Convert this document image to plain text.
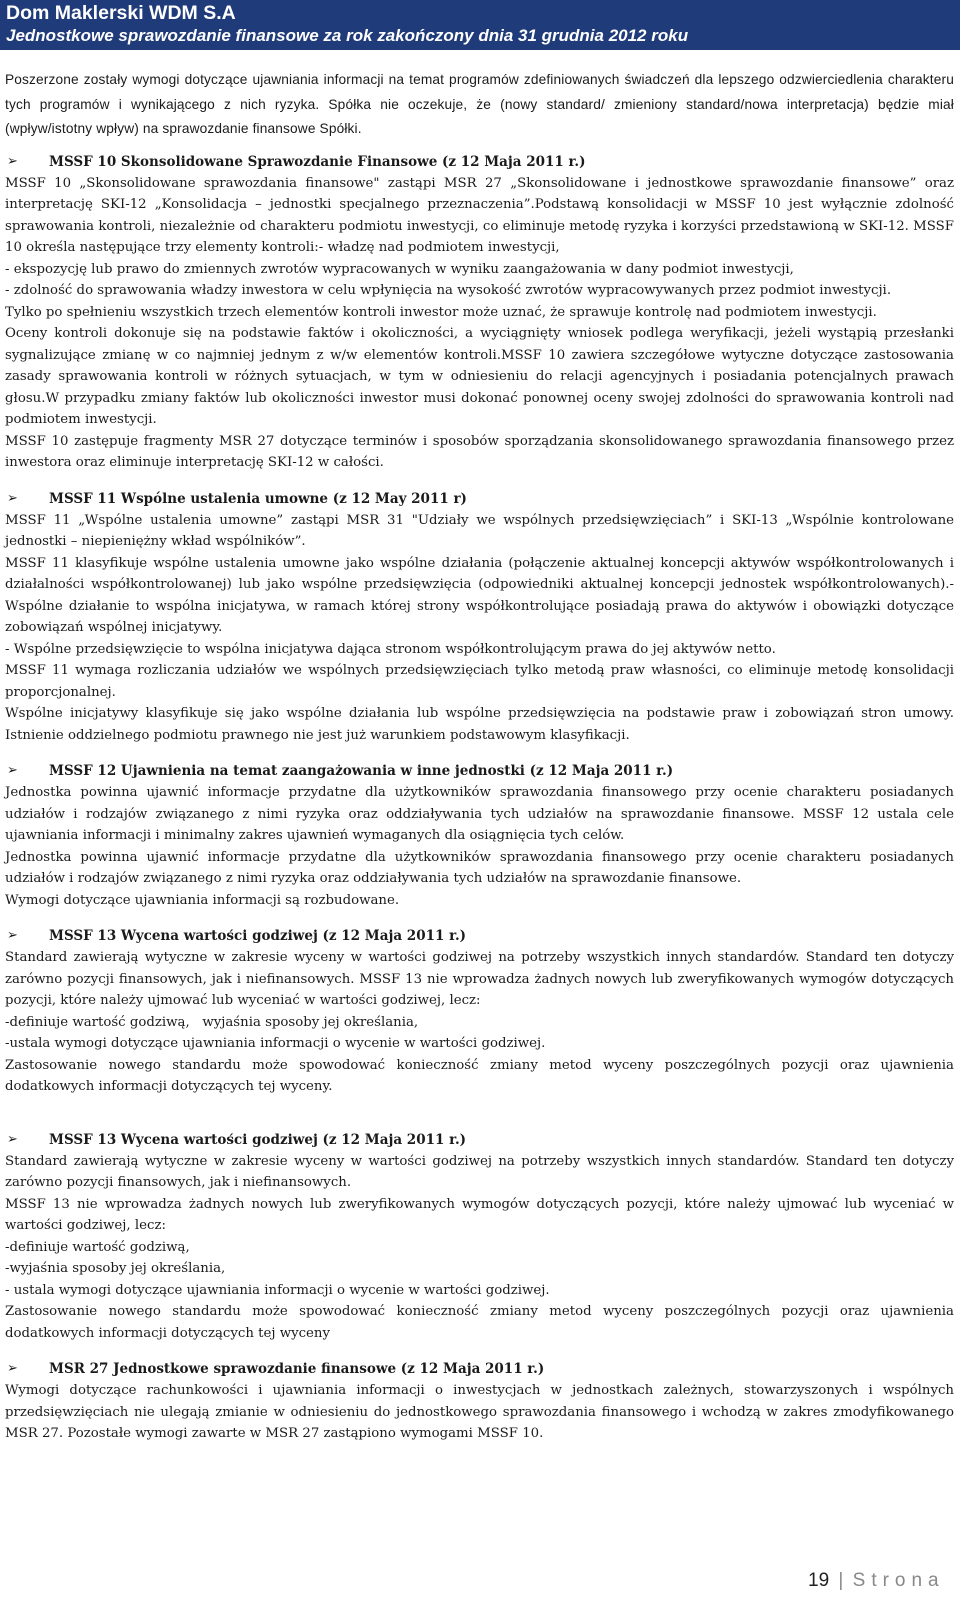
Dom Maklerski WDM S.A
Jednostkowe sprawozdanie finansowe za rok zakończony dnia 31 grudnia 2012 roku

Poszerzone zostały wymogi dotyczące ujawniania informacji na temat programów zdefiniowanych świadczeń dla lepszego odzwierciedlenia charakteru tych programów i wynikającego z nich ryzyka. Spółka nie oczekuje, że (nowy standard/ zmieniony standard/nowa interpretacja) będzie miał (wpływ/istotny wpływ) na sprawozdanie finansowe Spółki.

➢ MSSF 10 Skonsolidowane Sprawozdanie Finansowe (z 12 Maja 2011 r.)

MSSF 10 „Skonsolidowane sprawozdania finansowe" zastąpi MSR 27 „Skonsolidowane i jednostkowe sprawozdanie finansowe” oraz interpretację SKI-12 „Konsolidacja – jednostki specjalnego przeznaczenia”.Podstawą konsolidacji w MSSF 10 jest wyłącznie zdolność sprawowania kontroli, niezależnie od charakteru podmiotu inwestycji, co eliminuje metodę ryzyka i korzyści przedstawioną w SKI-12. MSSF 10 określa następujące trzy elementy kontroli:- władzę nad podmiotem inwestycji,

- ekspozycję lub prawo do zmiennych zwrotów wypracowanych w wyniku zaangażowania w dany podmiot inwestycji,

- zdolność do sprawowania władzy inwestora w celu wpłynięcia na wysokość zwrotów wypracowywanych przez podmiot inwestycji.

Tylko po spełnieniu wszystkich trzech elementów kontroli inwestor może uznać, że sprawuje kontrolę nad podmiotem inwestycji.

Oceny kontroli dokonuje się na podstawie faktów i okoliczności, a wyciągnięty wniosek podlega weryfikacji, jeżeli wystąpią przesłanki sygnalizujące zmianę w co najmniej jednym z w/w elementów kontroli.MSSF 10 zawiera szczegółowe wytyczne dotyczące zastosowania zasady sprawowania kontroli w różnych sytuacjach, w tym w odniesieniu do relacji agencyjnych i posiadania potencjalnych prawach głosu.W przypadku zmiany faktów lub okoliczności inwestor musi dokonać ponownej oceny swojej zdolności do sprawowania kontroli nad podmiotem inwestycji.

MSSF 10 zastępuje fragmenty MSR 27 dotyczące terminów i sposobów sporządzania skonsolidowanego sprawozdania finansowego przez inwestora oraz eliminuje interpretację SKI-12 w całości.

➢ MSSF 11 Wspólne ustalenia umowne (z 12 May 2011 r)

MSSF 11 „Wspólne ustalenia umowne” zastąpi MSR 31 "Udziały we wspólnych przedsięwzięciach” i SKI-13 „Wspólnie kontrolowane jednostki – niepieniężny wkład wspólników”.

MSSF 11 klasyfikuje wspólne ustalenia umowne jako wspólne działania (połączenie aktualnej koncepcji aktywów współkontrolowanych i działalności współkontrolowanej) lub jako wspólne przedsięwzięcia (odpowiedniki aktualnej koncepcji jednostek współkontrolowanych).- Wspólne działanie to wspólna inicjatywa, w ramach której strony współkontrolujące posiadają prawa do aktywów i obowiązki dotyczące zobowiązań wspólnej inicjatywy.

- Wspólne przedsięwzięcie to wspólna inicjatywa dająca stronom współkontrolującym prawa do jej aktywów netto.

MSSF 11 wymaga rozliczania udziałów we wspólnych przedsięwzięciach tylko metodą praw własności, co eliminuje metodę konsolidacji proporcjonalnej.

Wspólne inicjatywy klasyfikuje się jako wspólne działania lub wspólne przedsięwzięcia na podstawie praw i zobowiązań stron umowy. Istnienie oddzielnego podmiotu prawnego nie jest już warunkiem podstawowym klasyfikacji.

➢ MSSF 12 Ujawnienia na temat zaangażowania w inne jednostki (z 12 Maja 2011 r.)

Jednostka powinna ujawnić informacje przydatne dla użytkowników sprawozdania finansowego przy ocenie charakteru posiadanych udziałów i rodzajów związanego z nimi ryzyka oraz oddziaływania tych udziałów na sprawozdanie finansowe. MSSF 12 ustala cele ujawniania informacji i minimalny zakres ujawnień wymaganych dla osiągnięcia tych celów.

Jednostka powinna ujawnić informacje przydatne dla użytkowników sprawozdania finansowego przy ocenie charakteru posiadanych udziałów i rodzajów związanego z nimi ryzyka oraz oddziaływania tych udziałów na sprawozdanie finansowe.

Wymogi dotyczące ujawniania informacji są rozbudowane.

➢ MSSF 13 Wycena wartości godziwej (z 12 Maja 2011 r.)

Standard zawierają wytyczne w zakresie wyceny w wartości godziwej na potrzeby wszystkich innych standardów. Standard ten dotyczy zarówno pozycji finansowych, jak i niefinansowych. MSSF 13 nie wprowadza żadnych nowych lub zweryfikowanych wymogów dotyczących pozycji, które należy ujmować lub wyceniać w wartości godziwej, lecz:

-definiuje wartość godziwą,   wyjaśnia sposoby jej określania,

-ustala wymogi dotyczące ujawniania informacji o wycenie w wartości godziwej.

Zastosowanie nowego standardu może spowodować konieczność zmiany metod wyceny poszczególnych pozycji oraz ujawnienia dodatkowych informacji dotyczących tej wyceny.

➢ MSSF 13 Wycena wartości godziwej (z 12 Maja 2011 r.)

Standard zawierają wytyczne w zakresie wyceny w wartości godziwej na potrzeby wszystkich innych standardów. Standard ten dotyczy zarówno pozycji finansowych, jak i niefinansowych.

MSSF 13 nie wprowadza żadnych nowych lub zweryfikowanych wymogów dotyczących pozycji, które należy ujmować lub wyceniać w wartości godziwej, lecz:

-definiuje wartość godziwą,

-wyjaśnia sposoby jej określania,

- ustala wymogi dotyczące ujawniania informacji o wycenie w wartości godziwej.

Zastosowanie nowego standardu może spowodować konieczność zmiany metod wyceny poszczególnych pozycji oraz ujawnienia dodatkowych informacji dotyczących tej wyceny

➢ MSR 27 Jednostkowe sprawozdanie finansowe (z 12 Maja 2011 r.)

Wymogi dotyczące rachunkowości i ujawniania informacji o inwestycjach w jednostkach zależnych, stowarzyszonych i wspólnych przedsięwzięciach nie ulegają zmianie w odniesieniu do jednostkowego sprawozdania finansowego i wchodzą w zakres zmodyfikowanego MSR 27. Pozostałe wymogi zawarte w MSR 27 zastąpiono wymogami MSSF 10.

19 | Strona
